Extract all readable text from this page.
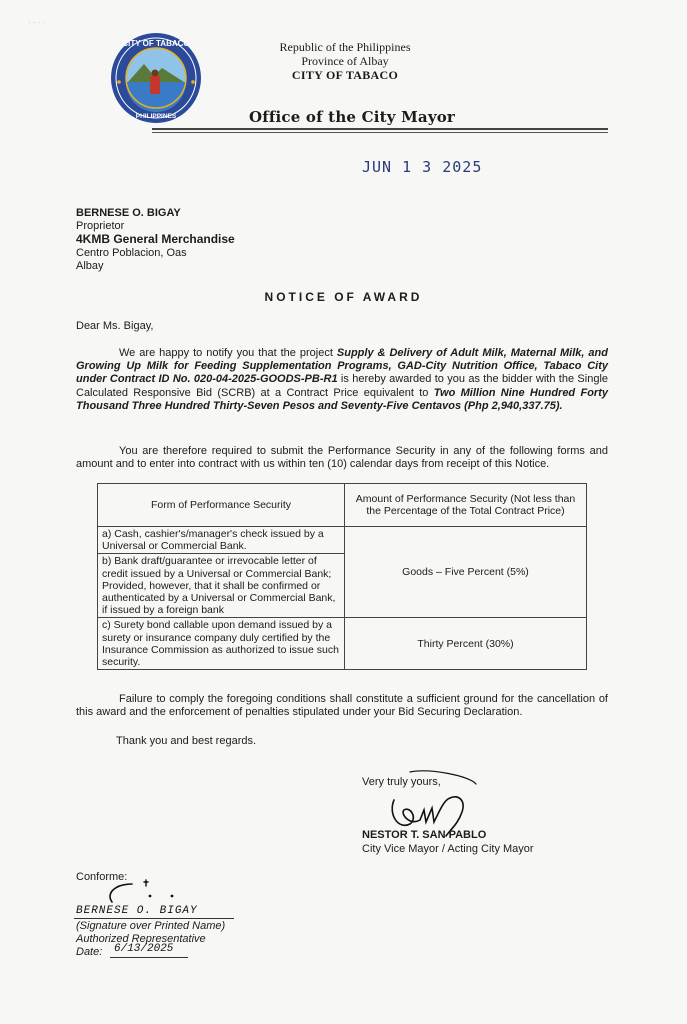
· · · ·
CITY OF TABACO
PHILIPPINES
Republic of the Philippines
Province of Albay
CITY OF TABACO
Office of the City Mayor
JUN 1 3 2025
BERNESE O. BIGAY
Proprietor
4KMB General Merchandise
Centro Poblacion, Oas
Albay
NOTICE OF AWARD
Dear Ms. Bigay,

We are happy to notify you that the project Supply & Delivery of Adult Milk, Maternal Milk, and Growing Up Milk for Feeding Supplementation Programs, GAD-City Nutrition Office, Tabaco City under Contract ID No. 020-04-2025-GOODS-PB-R1 is hereby awarded to you as the bidder with the Single Calculated Responsive Bid (SCRB) at a Contract Price equivalent to Two Million Nine Hundred Forty Thousand Three Hundred Thirty-Seven Pesos and Seventy-Five Centavos (Php 2,940,337.75).

You are therefore required to submit the Performance Security in any of the following forms and amount and to enter into contract with us within ten (10) calendar days from receipt of this Notice.

Form of Performance Security	Amount of Performance Security (Not less than the Percentage of the Total Contract Price)
a) Cash, cashier's/manager's check issued by a Universal or Commercial Bank.	Goods – Five Percent (5%)
b) Bank draft/guarantee or irrevocable letter of credit issued by a Universal or Commercial Bank; Provided, however, that it shall be confirmed or authenticated by a Universal or Commercial Bank, if issued by a foreign bank	
c) Surety bond callable upon demand issued by a surety or insurance company duly certified by the Insurance Commission as authorized to issue such security.	Thirty Percent (30%)

Failure to comply the foregoing conditions shall constitute a sufficient ground for the cancellation of this award and the enforcement of penalties stipulated under your Bid Securing Declaration.

Thank you and best regards.
Very truly yours,
NESTOR T. SAN PABLO
City Vice Mayor / Acting City Mayor
Conforme:
BERNESE O. BIGAY
(Signature over Printed Name)
Authorized Representative
Date: 6/13/2025
